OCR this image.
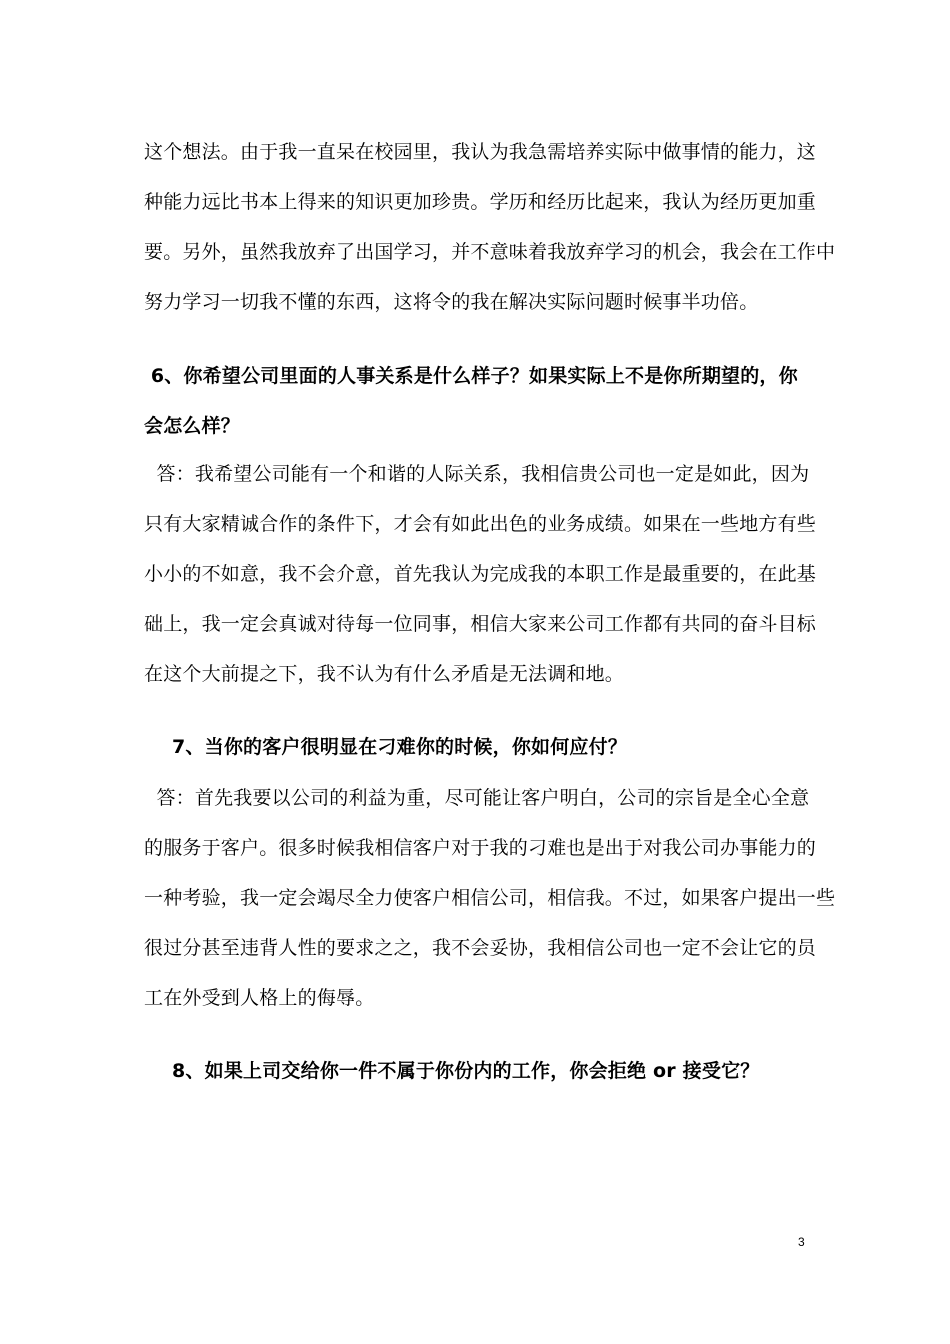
这个想法。由于我一直呆在校园里，我认为我急需培养实际中做事情的能力，这
种能力远比书本上得来的知识更加珍贵。学历和经历比起来，我认为经历更加重
要。另外，虽然我放弃了出国学习，并不意味着我放弃学习的机会，我会在工作中
努力学习一切我不懂的东西，这将令的我在解决实际问题时候事半功倍。
6、你希望公司里面的人事关系是什么样子？如果实际上不是你所期望的，你
会怎么样？
答：我希望公司能有一个和谐的人际关系，我相信贵公司也一定是如此，因为
只有大家精诚合作的条件下，才会有如此出色的业务成绩。如果在一些地方有些
小小的不如意，我不会介意，首先我认为完成我的本职工作是最重要的，在此基
础上，我一定会真诚对待每一位同事，相信大家来公司工作都有共同的奋斗目标
在这个大前提之下，我不认为有什么矛盾是无法调和地。
7、当你的客户很明显在刁难你的时候，你如何应付？
答：首先我要以公司的利益为重，尽可能让客户明白，公司的宗旨是全心全意
的服务于客户。很多时候我相信客户对于我的刁难也是出于对我公司办事能力的
一种考验，我一定会竭尽全力使客户相信公司，相信我。不过，如果客户提出一些
很过分甚至违背人性的要求之之，我不会妥协，我相信公司也一定不会让它的员
工在外受到人格上的侮辱。
8、如果上司交给你一件不属于你份内的工作，你会拒绝 or 接受它？
3
